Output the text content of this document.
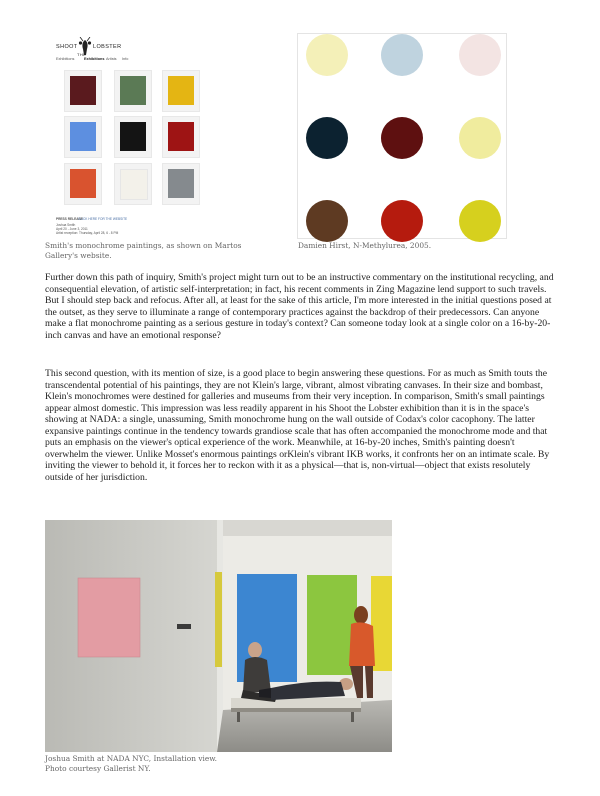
SHOOT
THE
LOBSTER
Exhibitions	Exhibitions Artists Info
PRESS RELEASE
CLICK HERE FOR THE WEBSITE
Joshua Smith
April 20 - June 3, 2011
Artist reception: Thursday, April 28, 6 - 8 PM
Smith's monochrome paintings, as shown on Martos Gallery's website.
Damien Hirst, N-Methylurea, 2005.

Further down this path of inquiry, Smith's project might turn out to be an instructive commentary on the institutional recycling, and consequential elevation, of artistic self-interpretation; in fact, his recent comments in Zing Magazine lend support to such travels. But I should step back and refocus. After all, at least for the sake of this article, I'm more interested in the initial questions posed at the outset, as they serve to illuminate a range of contemporary practices against the backdrop of their predecessors. Can anyone make a flat monochrome painting as a serious gesture in today's context? Can someone today look at a single color on a 16-by-20-inch canvas and have an emotional response?

This second question, with its mention of size, is a good place to begin answering these questions. For as much as Smith touts the transcendental potential of his paintings, they are not Klein's large, vibrant, almost vibrating canvases. In their size and bombast, Klein's monochromes were destined for galleries and museums from their very inception. In comparison, Smith's small paintings appear almost domestic. This impression was less readily apparent in his Shoot the Lobster exhibition than it is in the space's showing at NADA: a single, unassuming, Smith monochrome hung on the wall outside of Codax's color cacophony. The latter expansive paintings continue in the tendency towards grandiose scale that has often accompanied the monochrome mode and that puts an emphasis on the viewer's optical experience of the work. Meanwhile, at 16-by-20 inches, Smith's painting doesn't overwhelm the viewer. Unlike Mosset's enormous paintings orKlein's vibrant IKB works, it confronts her on an intimate scale. By inviting the viewer to behold it, it forces her to reckon with it as a physical—that is, non-virtual—object that exists resolutely outside of her jurisdiction.

Joshua Smith at NADA NYC, Installation view.
Photo courtesy Gallerist NY.
